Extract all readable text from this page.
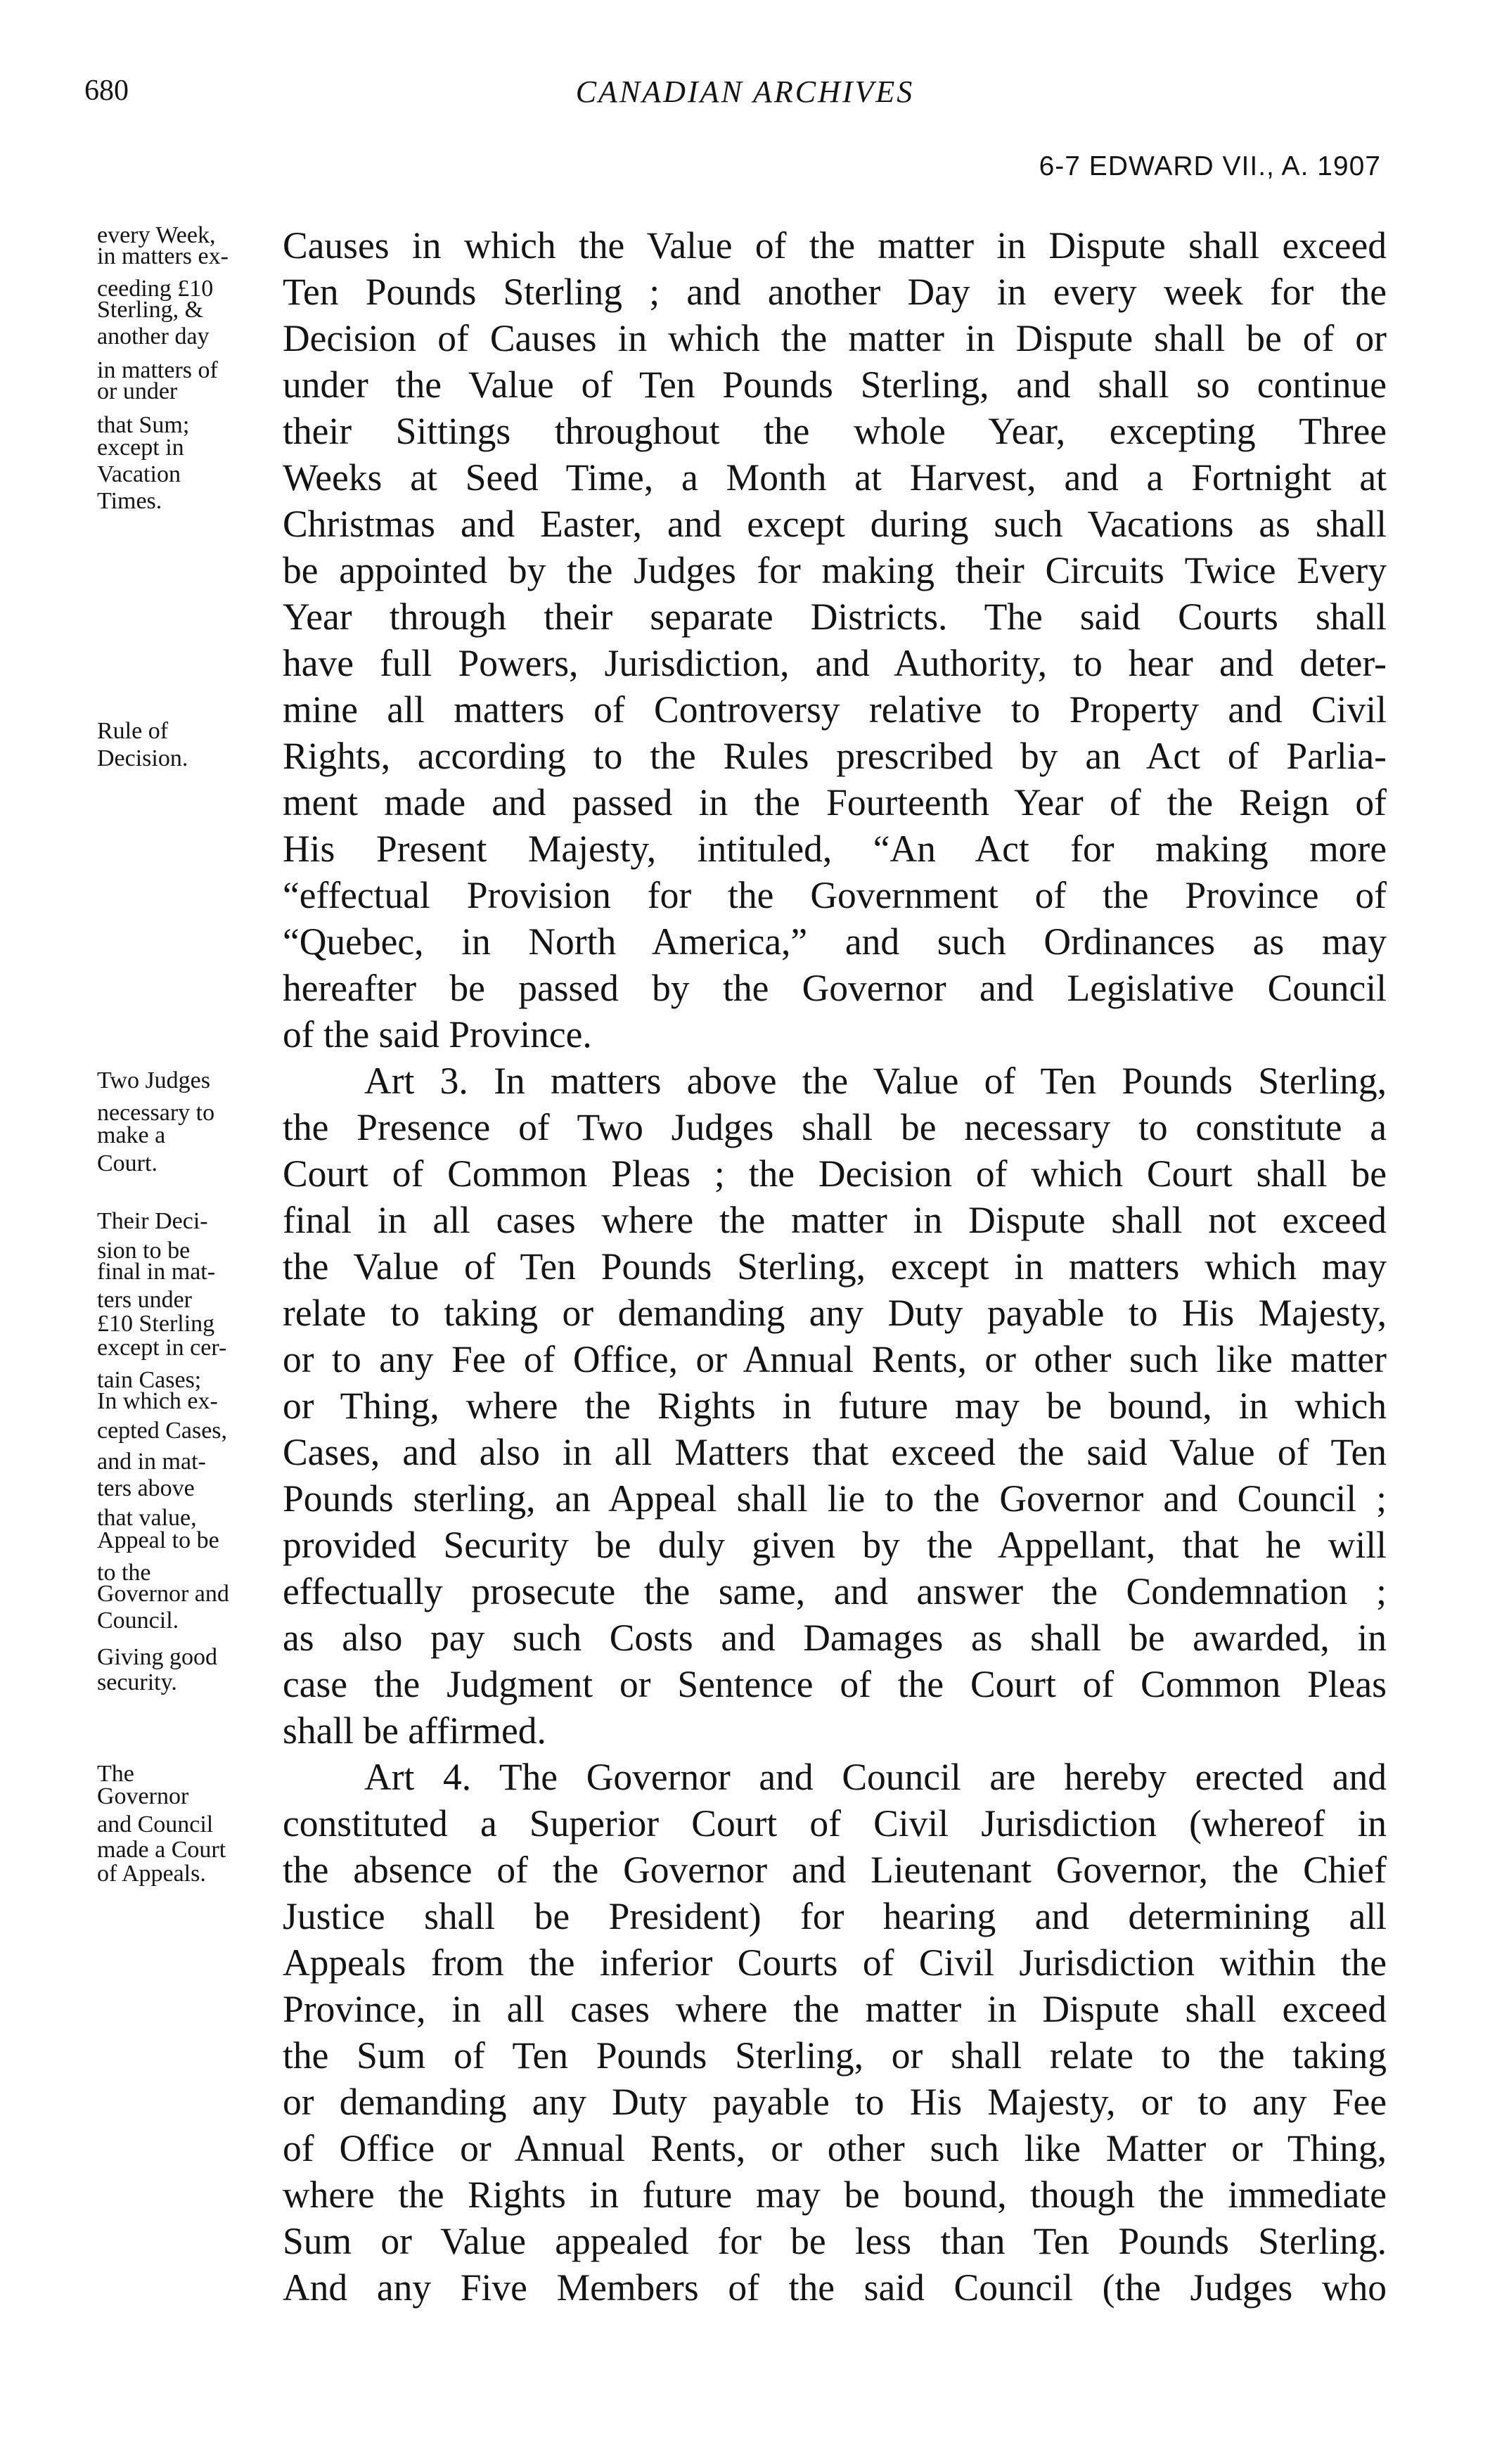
680	CANADIAN ARCHIVES
6-7 EDWARD VII., A. 1907
Causes in which the Value of the matter in Dispute shall exceed
Ten Pounds Sterling ; and another Day in every week for the
Decision of Causes in which the matter in Dispute shall be of or
under the Value of Ten Pounds Sterling, and shall so continue
their Sittings throughout the whole Year, excepting Three
Weeks at Seed Time, a Month at Harvest, and a Fortnight at
Christmas and Easter, and except during such Vacations as shall
be appointed by the Judges for making their Circuits Twice Every
Year through their separate Districts. The said Courts shall
have full Powers, Jurisdiction, and Authority, to hear and deter-
mine all matters of Controversy relative to Property and Civil
Rights, according to the Rules prescribed by an Act of Parlia-
ment made and passed in the Fourteenth Year of the Reign of
His Present Majesty, intituled, “An Act for making more
“effectual Provision for the Government of the Province of
“Quebec, in North America,” and such Ordinances as may
hereafter be passed by the Governor and Legislative Council
of the said Province.
Art 3. In matters above the Value of Ten Pounds Sterling,
the Presence of Two Judges shall be necessary to constitute a
Court of Common Pleas ; the Decision of which Court shall be
final in all cases where the matter in Dispute shall not exceed
the Value of Ten Pounds Sterling, except in matters which may
relate to taking or demanding any Duty payable to His Majesty,
or to any Fee of Office, or Annual Rents, or other such like matter
or Thing, where the Rights in future may be bound, in which
Cases, and also in all Matters that exceed the said Value of Ten
Pounds sterling, an Appeal shall lie to the Governor and Council ;
provided Security be duly given by the Appellant, that he will
effectually prosecute the same, and answer the Condemnation ;
as also pay such Costs and Damages as shall be awarded, in
case the Judgment or Sentence of the Court of Common Pleas
shall be affirmed.
Art 4. The Governor and Council are hereby erected and
constituted a Superior Court of Civil Jurisdiction (whereof in
the absence of the Governor and Lieutenant Governor, the Chief
Justice shall be President) for hearing and determining all
Appeals from the inferior Courts of Civil Jurisdiction within the
Province, in all cases where the matter in Dispute shall exceed
the Sum of Ten Pounds Sterling, or shall relate to the taking
or demanding any Duty payable to His Majesty, or to any Fee
of Office or Annual Rents, or other such like Matter or Thing,
where the Rights in future may be bound, though the immediate
Sum or Value appealed for be less than Ten Pounds Sterling.
And any Five Members of the said Council (the Judges who
every Week,
in matters ex-
ceeding £10
Sterling, &
another day
in matters of
or under
that Sum;
except in
Vacation
Times.
Rule of
Decision.
Two Judges
necessary to
make a
Court.
Their Deci-
sion to be
final in mat-
ters under
£10 Sterling
except in cer-
tain Cases;
In which ex-
cepted Cases,
and in mat-
ters above
that value,
Appeal to be
to the
Governor and
Council.
Giving good
security.
The
Governor
and Council
made a Court
of Appeals.
